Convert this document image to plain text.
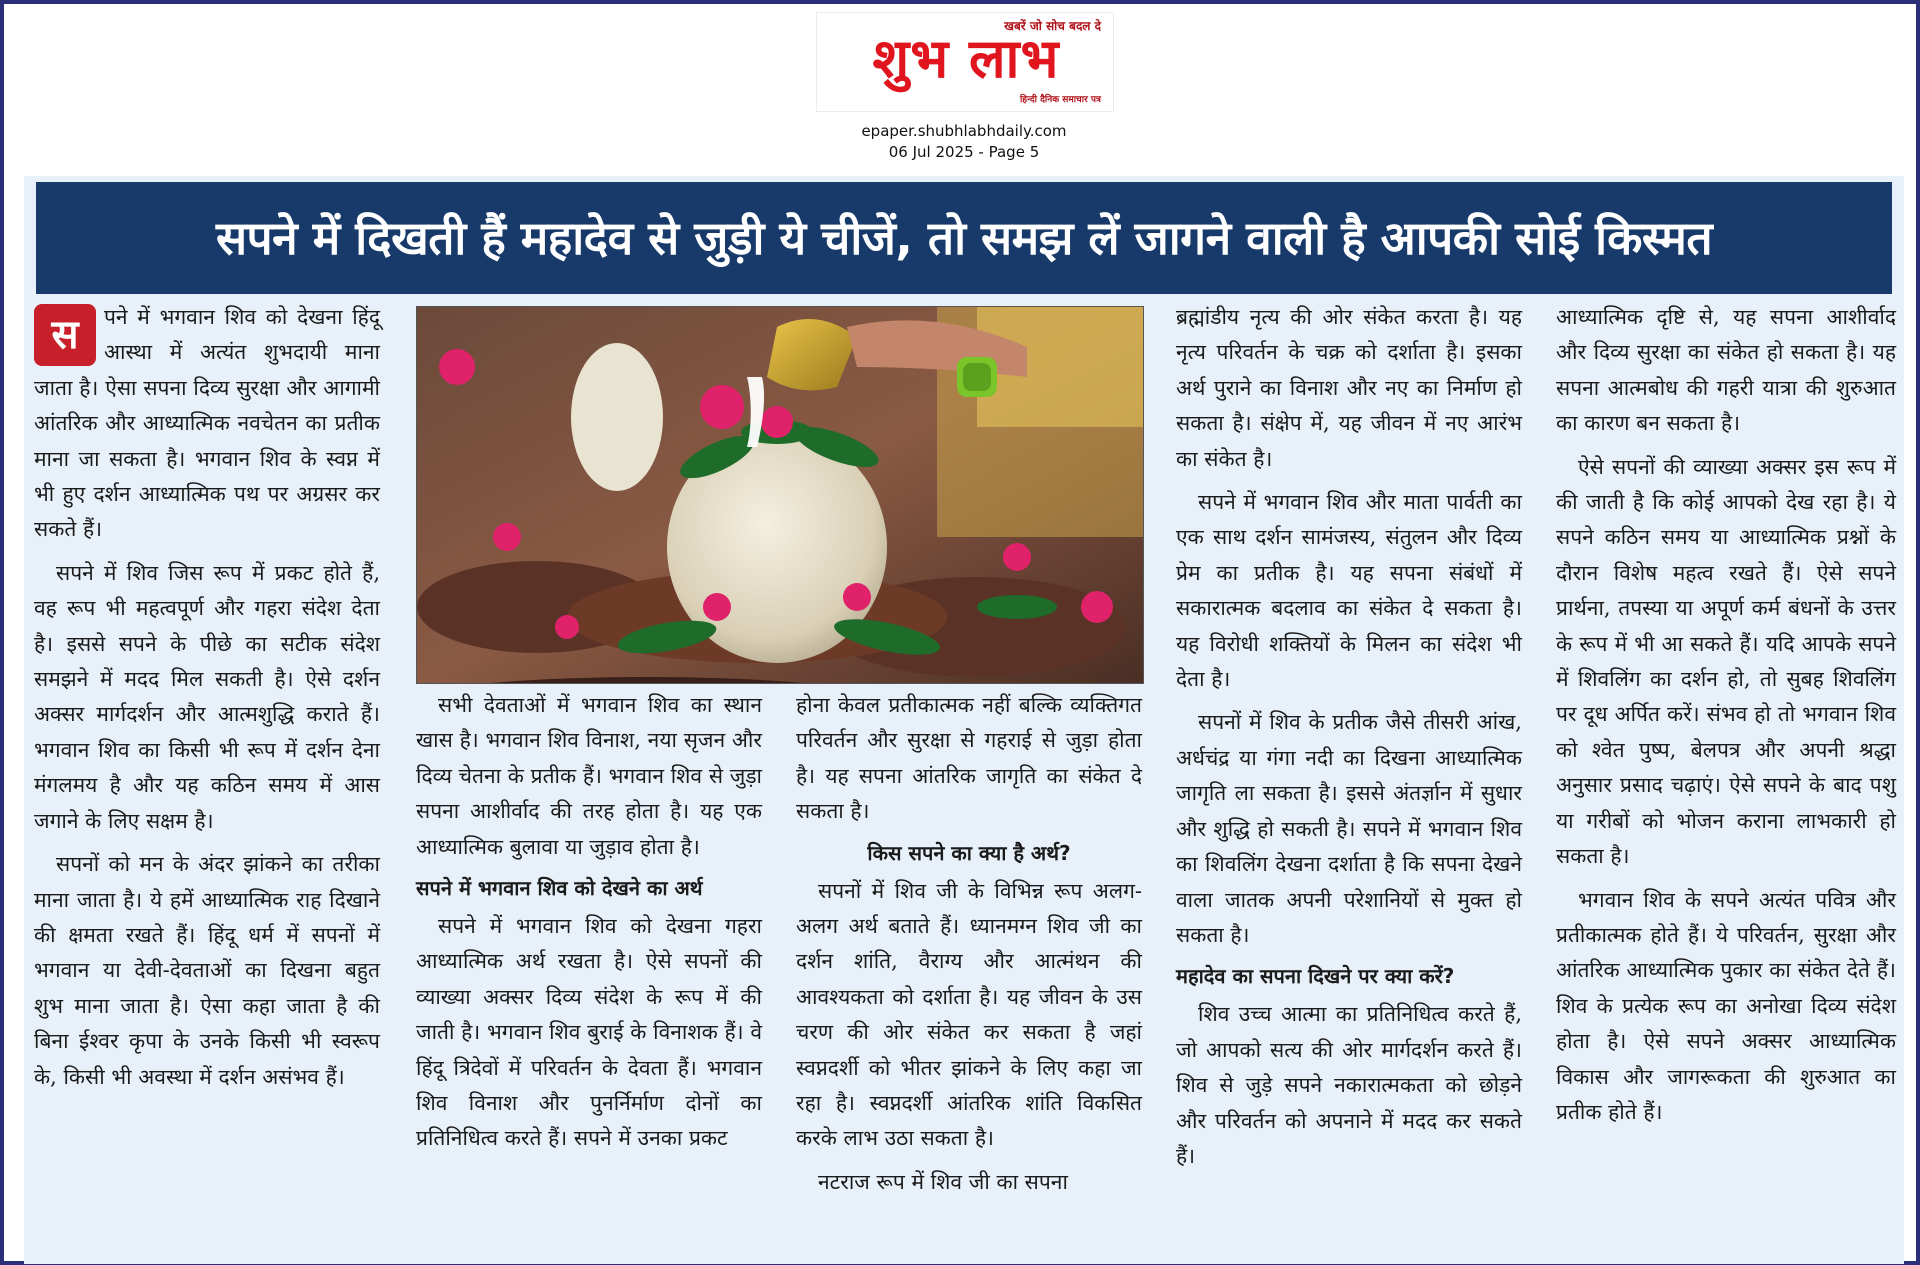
खबरें जो सोच बदल दे
शुभ लाभ
हिन्दी दैनिक समाचार पत्र
epaper.shubhlabhdaily.com
06 Jul 2025 - Page 5
सपने में दिखती हैं महादेव से जुड़ी ये चीजें, तो समझ लें जागने वाली है आपकी सोई किस्मत

स	पने में भगवान शिव को देखना हिंदू आस्था में अत्यंत शुभदायी माना जाता है। ऐसा सपना दिव्य सुरक्षा और आगामी आंतरिक और आध्यात्मिक नवचेतन का प्रतीक माना जा सकता है। भगवान शिव के स्वप्न में भी हुए दर्शन आध्यात्मिक पथ पर अग्रसर कर सकते हैं।

सपने में शिव जिस रूप में प्रकट होते हैं, वह रूप भी महत्वपूर्ण और गहरा संदेश देता है। इससे सपने के पीछे का सटीक संदेश समझने में मदद मिल सकती है। ऐसे दर्शन अक्सर मार्गदर्शन और आत्मशुद्धि कराते हैं। भगवान शिव का किसी भी रूप में दर्शन देना मंगलमय है और यह कठिन समय में आस जगाने के लिए सक्षम है।

सपनों को मन के अंदर झांकने का तरीका माना जाता है। ये हमें आध्यात्मिक राह दिखाने की क्षमता रखते हैं। हिंदू धर्म में सपनों में भगवान या देवी-देवताओं का दिखना बहुत शुभ माना जाता है। ऐसा कहा जाता है की बिना ईश्वर कृपा के उनके किसी भी स्वरूप के, किसी भी अवस्था में दर्शन असंभव हैं।

सभी देवताओं में भगवान शिव का स्थान खास है। भगवान शिव विनाश, नया सृजन और दिव्य चेतना के प्रतीक हैं। भगवान शिव से जुड़ा सपना आशीर्वाद की तरह होता है। यह एक आध्यात्मिक बुलावा या जुड़ाव होता है।

सपने में भगवान शिव को देखने का अर्थ

सपने में भगवान शिव को देखना गहरा आध्यात्मिक अर्थ रखता है। ऐसे सपनों की व्याख्या अक्सर दिव्य संदेश के रूप में की जाती है। भगवान शिव बुराई के विनाशक हैं। वे हिंदू त्रिदेवों में परिवर्तन के देवता हैं। भगवान शिव विनाश और पुनर्निर्माण दोनों का प्रतिनिधित्व करते हैं। सपने में उनका प्रकट

होना केवल प्रतीकात्मक नहीं बल्कि व्यक्तिगत परिवर्तन और सुरक्षा से गहराई से जुड़ा होता है। यह सपना आंतरिक जागृति का संकेत दे सकता है।

किस सपने का क्या है अर्थ?

सपनों में शिव जी के विभिन्न रूप अलग-अलग अर्थ बताते हैं। ध्यानमग्न शिव जी का दर्शन शांति, वैराग्य और आत्मंथन की आवश्यकता को दर्शाता है। यह जीवन के उस चरण की ओर संकेत कर सकता है जहां स्वप्नदर्शी को भीतर झांकने के लिए कहा जा रहा है। स्वप्नदर्शी आंतरिक शांति विकसित करके लाभ उठा सकता है।

नटराज रूप में शिव जी का सपना

ब्रह्मांडीय नृत्य की ओर संकेत करता है। यह नृत्य परिवर्तन के चक्र को दर्शाता है। इसका अर्थ पुराने का विनाश और नए का निर्माण हो सकता है। संक्षेप में, यह जीवन में नए आरंभ का संकेत है।

सपने में भगवान शिव और माता पार्वती का एक साथ दर्शन सामंजस्य, संतुलन और दिव्य प्रेम का प्रतीक है। यह सपना संबंधों में सकारात्मक बदलाव का संकेत दे सकता है। यह विरोधी शक्तियों के मिलन का संदेश भी देता है।

सपनों में शिव के प्रतीक जैसे तीसरी आंख, अर्धचंद्र या गंगा नदी का दिखना आध्यात्मिक जागृति ला सकता है। इससे अंतर्ज्ञान में सुधार और शुद्धि हो सकती है। सपने में भगवान शिव का शिवलिंग देखना दर्शाता है कि सपना देखने वाला जातक अपनी परेशानियों से मुक्त हो सकता है।

महादेव का सपना दिखने पर क्या करें?

शिव उच्च आत्मा का प्रतिनिधित्व करते हैं, जो आपको सत्य की ओर मार्गदर्शन करते हैं। शिव से जुड़े सपने नकारात्मकता को छोड़ने और परिवर्तन को अपनाने में मदद कर सकते हैं।

आध्यात्मिक दृष्टि से, यह सपना आशीर्वाद और दिव्य सुरक्षा का संकेत हो सकता है। यह सपना आत्मबोध की गहरी यात्रा की शुरुआत का कारण बन सकता है।

ऐसे सपनों की व्याख्या अक्सर इस रूप में की जाती है कि कोई आपको देख रहा है। ये सपने कठिन समय या आध्यात्मिक प्रश्नों के दौरान विशेष महत्व रखते हैं। ऐसे सपने प्रार्थना, तपस्या या अपूर्ण कर्म बंधनों के उत्तर के रूप में भी आ सकते हैं। यदि आपके सपने में शिवलिंग का दर्शन हो, तो सुबह शिवलिंग पर दूध अर्पित करें। संभव हो तो भगवान शिव को श्वेत पुष्प, बेलपत्र और अपनी श्रद्धा अनुसार प्रसाद चढ़ाएं। ऐसे सपने के बाद पशु या गरीबों को भोजन कराना लाभकारी हो सकता है।

भगवान शिव के सपने अत्यंत पवित्र और प्रतीकात्मक होते हैं। ये परिवर्तन, सुरक्षा और आंतरिक आध्यात्मिक पुकार का संकेत देते हैं। शिव के प्रत्येक रूप का अनोखा दिव्य संदेश होता है। ऐसे सपने अक्सर आध्यात्मिक विकास और जागरूकता की शुरुआत का प्रतीक होते हैं।
